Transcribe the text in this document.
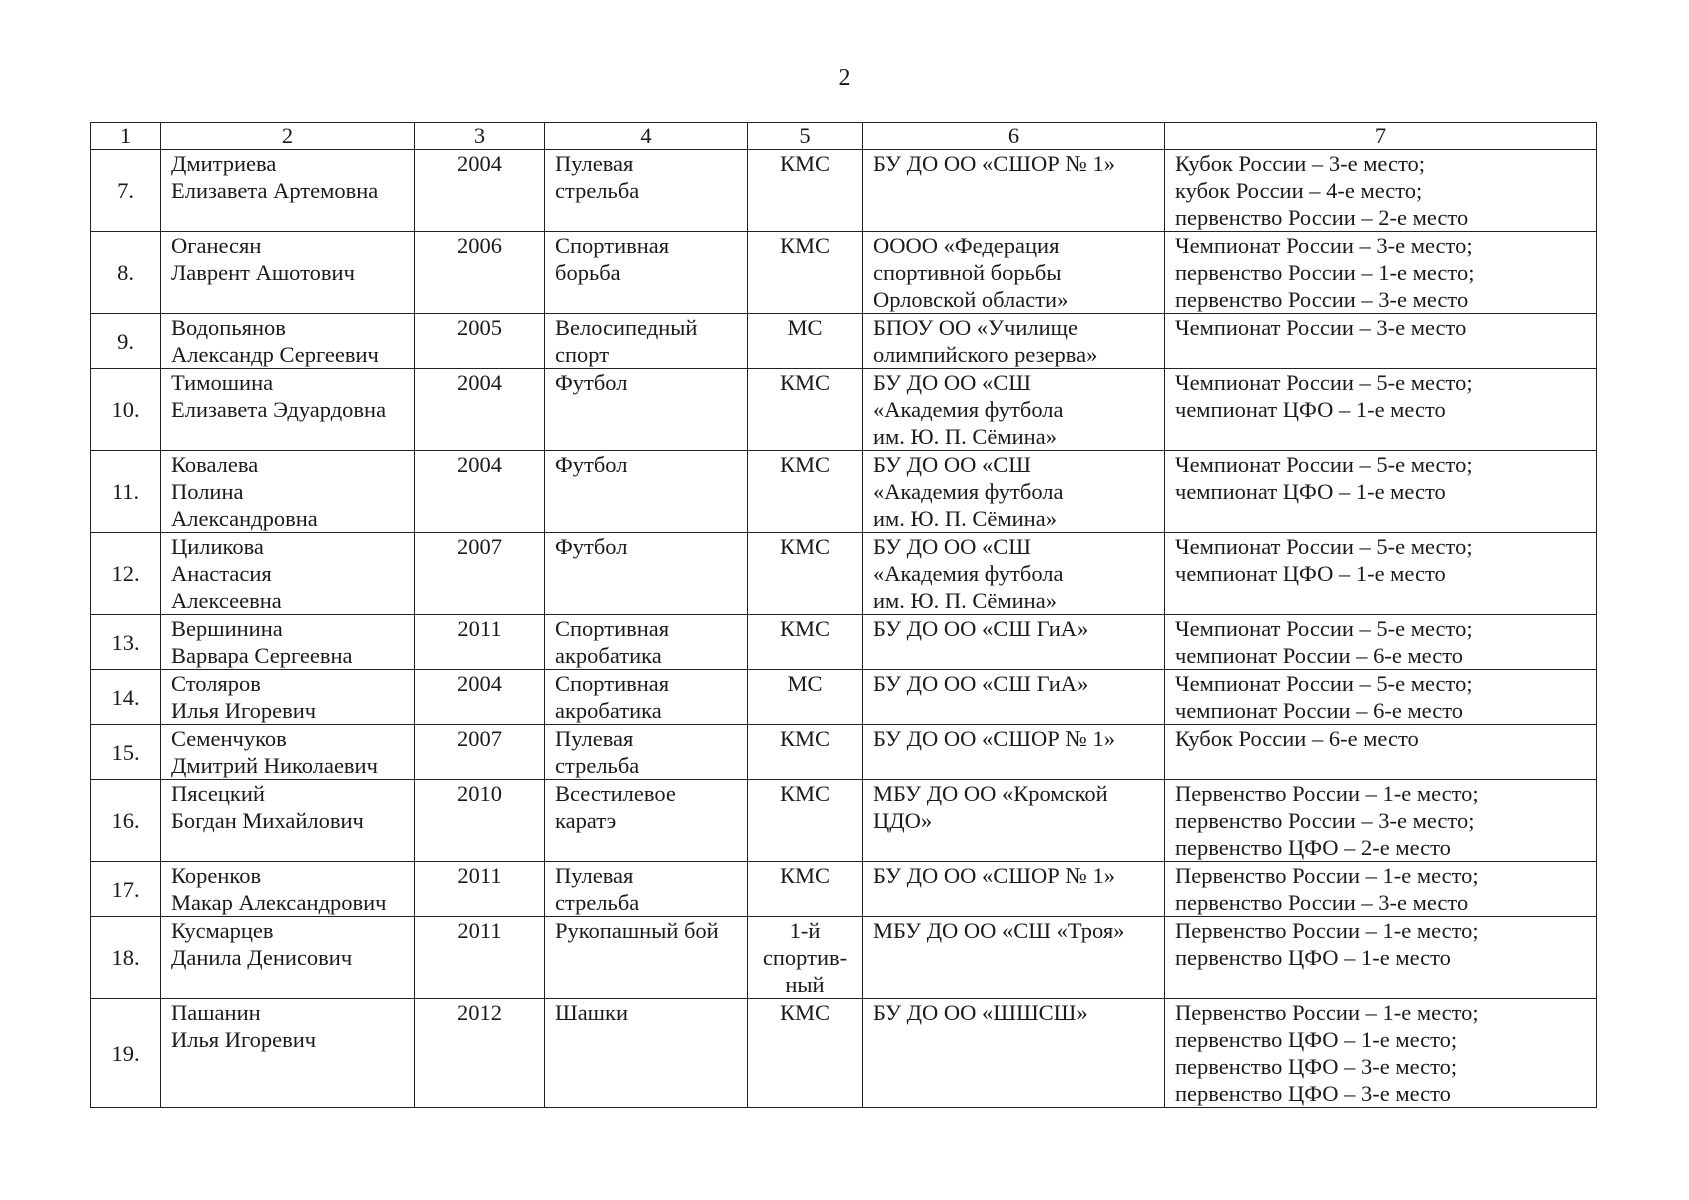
2
1	2	3	4	5	6	7
7.	Дмитриева
Елизавета Артемовна	2004	Пулевая
стрельба	КМС	БУ ДО ОО «СШОР № 1»	Кубок России – 3-е место;
кубок России – 4-е место;
первенство России – 2-е место

8.	Оганесян
Лаврент Ашотович	2006	Спортивная
борьба	КМС	ОООО «Федерация
спортивной борьбы
Орловской области»	Чемпионат России – 3-е место;
первенство России – 1-е место;
первенство России – 3-е место

9.	Водопьянов
Александр Сергеевич	2005	Велосипедный
спорт	МС	БПОУ ОО «Училище
олимпийского резерва»	Чемпионат России – 3-е место

10.	Тимошина
Елизавета Эдуардовна	2004	Футбол	КМС	БУ ДО ОО «СШ
«Академия футбола
им. Ю. П. Сёмина»	Чемпионат России – 5-е место;
чемпионат ЦФО – 1-е место

11.	Ковалева
Полина
Александровна	2004	Футбол	КМС	БУ ДО ОО «СШ
«Академия футбола
им. Ю. П. Сёмина»	Чемпионат России – 5-е место;
чемпионат ЦФО – 1-е место

12.	Циликова
Анастасия
Алексеевна	2007	Футбол	КМС	БУ ДО ОО «СШ
«Академия футбола
им. Ю. П. Сёмина»	Чемпионат России – 5-е место;
чемпионат ЦФО – 1-е место

13.	Вершинина
Варвара Сергеевна	2011	Спортивная
акробатика	КМС	БУ ДО ОО «СШ ГиА»	Чемпионат России – 5-е место;
чемпионат России – 6-е место

14.	Столяров
Илья Игоревич	2004	Спортивная
акробатика	МС	БУ ДО ОО «СШ ГиА»	Чемпионат России – 5-е место;
чемпионат России – 6-е место

15.	Семенчуков
Дмитрий Николаевич	2007	Пулевая
стрельба	КМС	БУ ДО ОО «СШОР № 1»	Кубок России – 6-е место

16.	Пясецкий
Богдан Михайлович	2010	Всестилевое
каратэ	КМС	МБУ ДО ОО «Кромской
ЦДО»	Первенство России – 1-е место;
первенство России – 3-е место;
первенство ЦФО – 2-е место

17.	Коренков
Макар Александрович	2011	Пулевая
стрельба	КМС	БУ ДО ОО «СШОР № 1»	Первенство России – 1-е место;
первенство России – 3-е место

18.	Кусмарцев
Данила Денисович	2011	Рукопашный бой	1-й
спортив-
ный	МБУ ДО ОО «СШ «Троя»	Первенство России – 1-е место;
первенство ЦФО – 1-е место

19.	Пашанин
Илья Игоревич	2012	Шашки	КМС	БУ ДО ОО «ШШСШ»	Первенство России – 1-е место;
первенство ЦФО – 1-е место;
первенство ЦФО – 3-е место;
первенство ЦФО – 3-е место
